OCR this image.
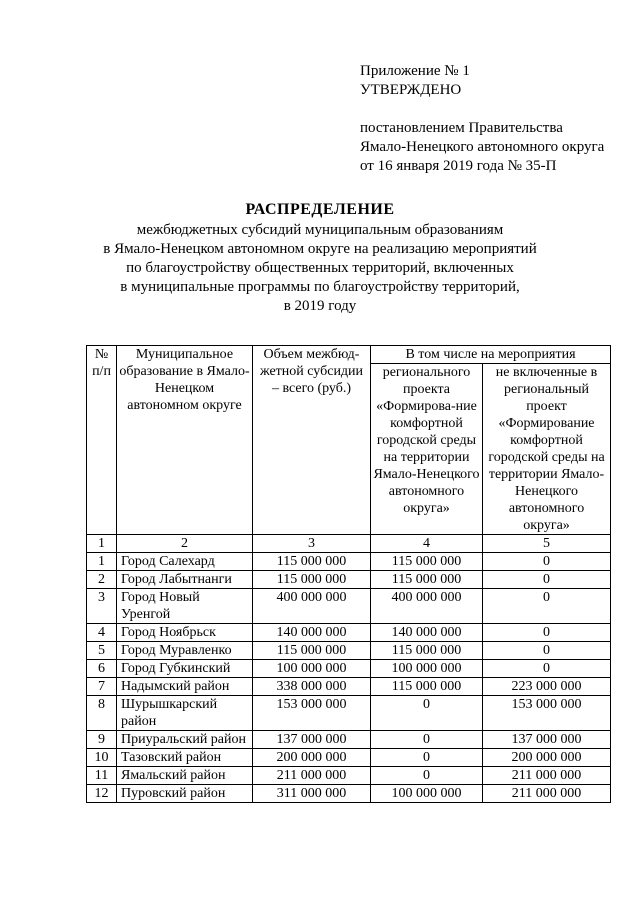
Приложение № 1
УТВЕРЖДЕНО
постановлением Правительства
Ямало-Ненецкого автономного округа
от 16 января 2019 года № 35-П
РАСПРЕДЕЛЕНИЕ
межбюджетных субсидий муниципальным образованиям
в Ямало-Ненецком автономном округе на реализацию мероприятий
по благоустройству общественных территорий, включенных
в муниципальные программы по благоустройству территорий,
в 2019 году
№ п/п	Муниципальное образование в Ямало-Ненецком автономном округе	Объем межбюд-жетной субсидии – всего (руб.)	В том числе на мероприятия	
			регионального проекта «Формирова-ние комфортной городской среды на территории Ямало-Ненецкого автономного округа»	не включенные в региональный проект «Формирование комфортной городской среды на территории Ямало-Ненецкого автономного округа»
1	2	3	4	5
1	Город Салехард	115 000 000	115 000 000	0
2	Город Лабытнанги	115 000 000	115 000 000	0
3	Город Новый Уренгой	400 000 000	400 000 000	0
4	Город Ноябрьск	140 000 000	140 000 000	0
5	Город Муравленко	115 000 000	115 000 000	0
6	Город Губкинский	100 000 000	100 000 000	0
7	Надымский район	338 000 000	115 000 000	223 000 000
8	Шурышкарский район	153 000 000	0	153 000 000
9	Приуральский район	137 000 000	0	137 000 000
10	Тазовский район	200 000 000	0	200 000 000
11	Ямальский район	211 000 000	0	211 000 000
12	Пуровский район	311 000 000	100 000 000	211 000 000
